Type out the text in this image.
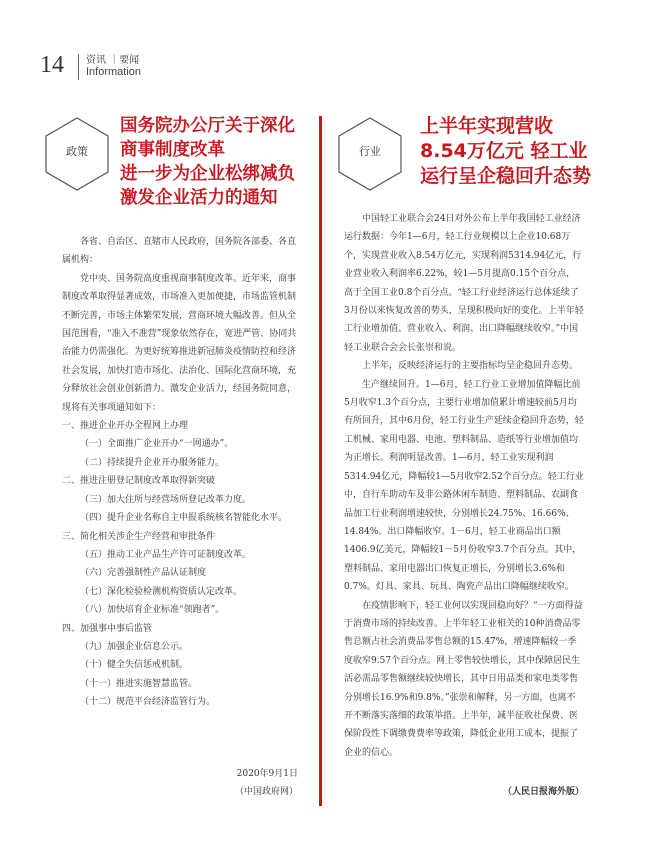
14 资讯 ｜要闻
Information
政策
国务院办公厅关于深化
商事制度改革
进一步为企业松绑减负
激发企业活力的通知
行业
上半年实现营收
8.54万亿元 轻工业
运行呈企稳回升态势

各省、自治区、直辖市人民政府，国务院各部委、各直属机构：

党中央、国务院高度重视商事制度改革。近年来，商事制度改革取得显著成效，市场准入更加便捷，市场监管机制不断完善，市场主体繁荣发展，营商环境大幅改善。但从全国范围看，“准入不准营”现象依然存在，宽进严管、协同共治能力仍需强化。为更好统筹推进新冠肺炎疫情防控和经济社会发展，加快打造市场化、法治化、国际化营商环境，充分释放社会创业创新潜力、激发企业活力，经国务院同意，现将有关事项通知如下：

一、推进企业开办全程网上办理

（一）全面推广企业开办“一网通办”。

（二）持续提升企业开办服务能力。

二、推进注册登记制度改革取得新突破

（三）加大住所与经营场所登记改革力度。

（四）提升企业名称自主申报系统核名智能化水平。

三、简化相关涉企生产经营和审批条件

（五）推动工业产品生产许可证制度改革。

（六）完善强制性产品认证制度

（七）深化检验检测机构资质认定改革。

（八）加快培育企业标准“领跑者”。

四、加强事中事后监管

（九）加强企业信息公示。

（十）健全失信惩戒机制。

（十一）推进实施智慧监管。

（十二）规范平台经济监管行为。

2020年9月1日

（中国政府网）

中国轻工业联合会24日对外公布上半年我国轻工业经济运行数据：今年1—6月，轻工行业规模以上企业10.68万个，实现营业收入8.54万亿元，实现利润5314.94亿元，行业营业收入利润率6.22%，较1—5月提高0.15个百分点，高于全国工业0.8个百分点。“轻工行业经济运行总体延续了3月份以来恢复改善的势头，呈现积极向好的变化。上半年轻工行业增加值、营业收入、利润、出口降幅继续收窄。”中国轻工业联合会会长张崇和说。

上半年，反映经济运行的主要指标均呈企稳回升态势。

生产继续回升。1—6月，轻工行业工业增加值降幅比前5月收窄1.3个百分点，主要行业增加值累计增速较前5月均有所回升，其中6月份，轻工行业生产延续企稳回升态势，轻工机械、家用电器、电池、塑料制品、造纸等行业增加值均为正增长。利润明显改善。1—6月，轻工业实现利润5314.94亿元，降幅较1—5月收窄2.52个百分点。轻工行业中，自行车助动车及非公路休闲车制造、塑料制品、农副食品加工行业利润增速较快，分别增长24.75%、16.66%、14.84%。出口降幅收窄。1－6月，轻工业商品出口额1406.9亿美元，降幅较1－5月份收窄3.7个百分点。其中，塑料制品、家用电器出口恢复正增长，分别增长3.6%和0.7%。灯具、家具、玩具、陶瓷产品出口降幅继续收窄。

在疫情影响下，轻工业何以实现回稳向好？“一方面得益于消费市场的持续改善。上半年轻工业相关的10种消费品零售总额占社会消费品零售总额的15.47%，增速降幅较一季度收窄9.57个百分点。网上零售较快增长，其中保障居民生活必需品零售额继续较快增长，其中日用品类和家电类零售分别增长16.9%和9.8%。”张崇和解释，另一方面，也离不开不断落实落细的政策举措。上半年，减半征收社保费、医保阶段性下调缴费费率等政策，降低企业用工成本，提振了企业的信心。

（人民日报海外版）
